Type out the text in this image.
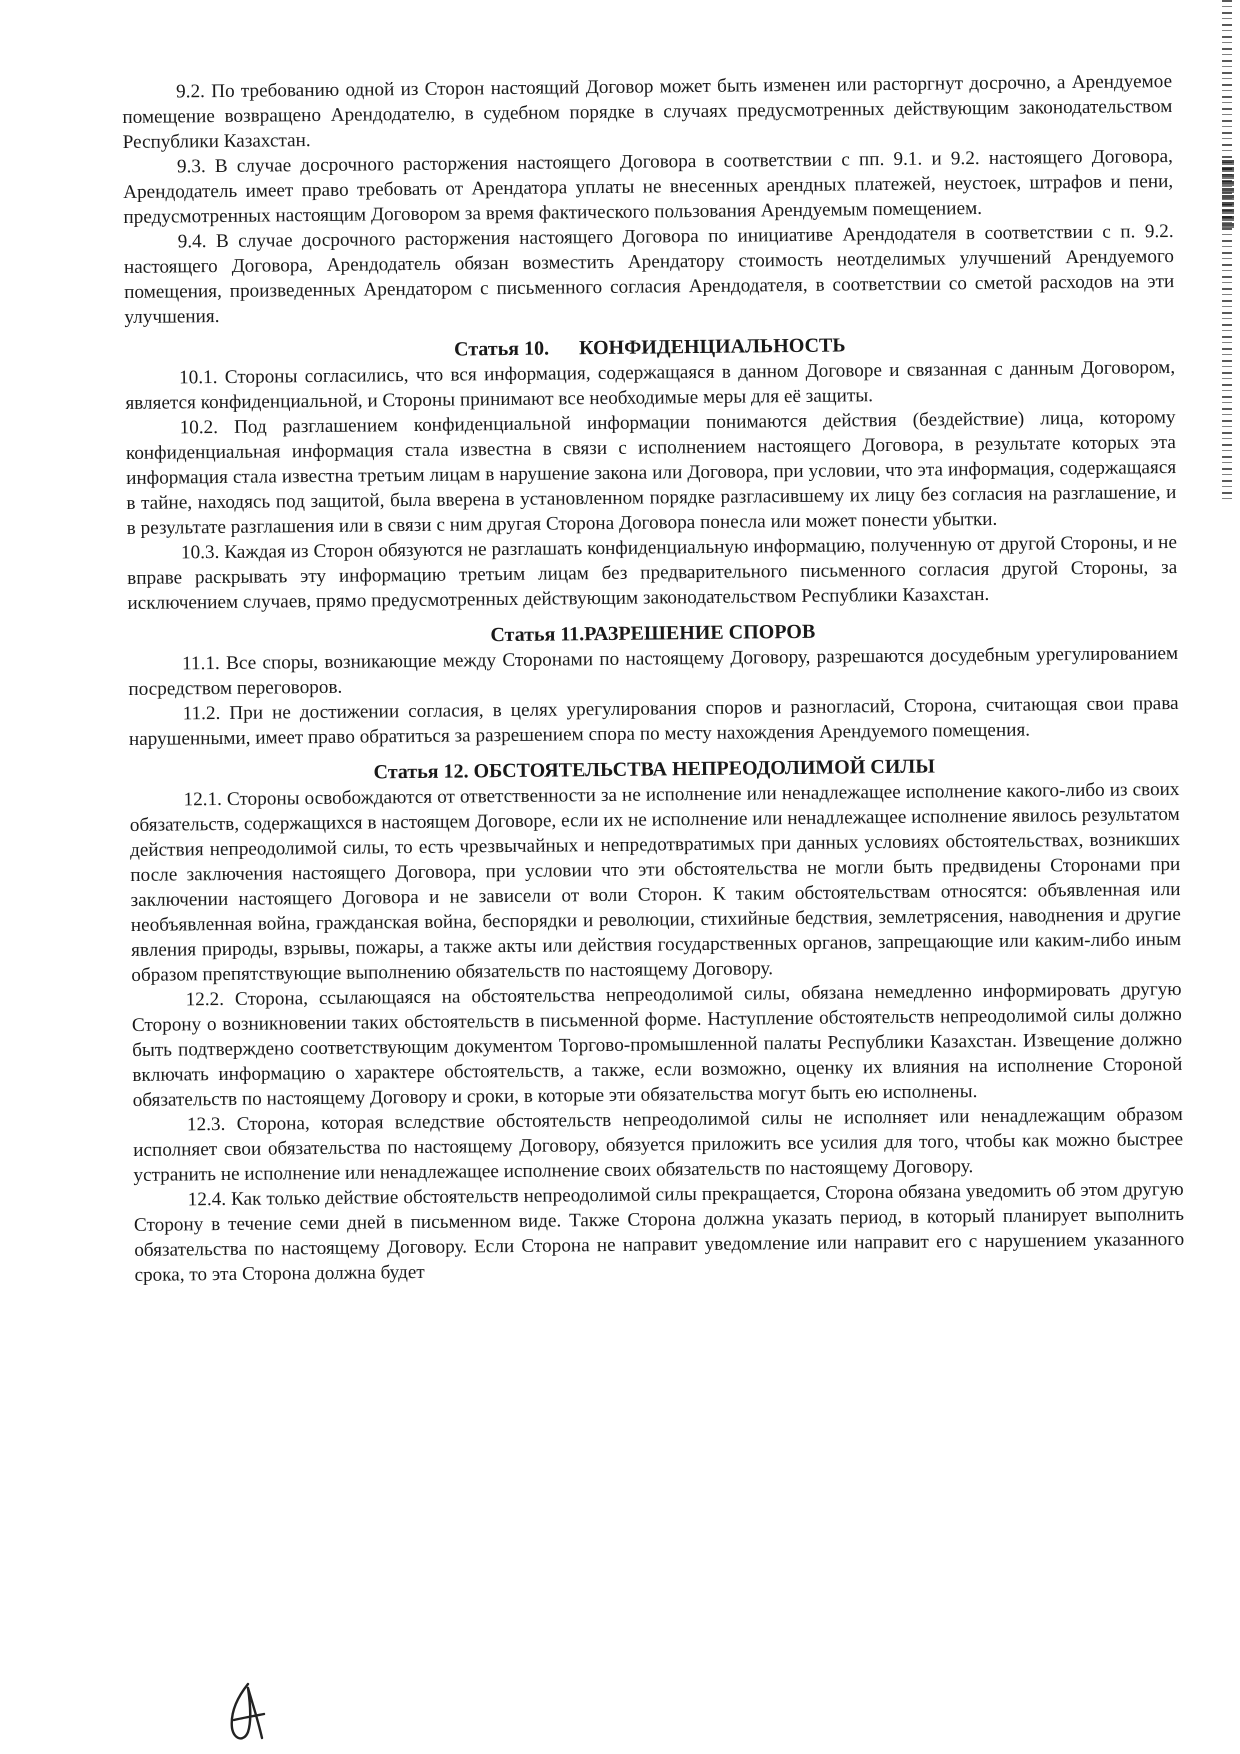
9.2. По требованию одной из Сторон настоящий Договор может быть изменен или расторгнут досрочно, а Арендуемое помещение возвращено Арендодателю, в судебном порядке в случаях предусмотренных действующим законодательством Республики Казахстан.

9.3. В случае досрочного расторжения настоящего Договора в соответствии с пп. 9.1. и 9.2. настоящего Договора, Арендодатель имеет право требовать от Арендатора уплаты не внесенных арендных платежей, неустоек, штрафов и пени, предусмотренных настоящим Договором за время фактического пользования Арендуемым помещением.

9.4. В случае досрочного расторжения настоящего Договора по инициативе Арендодателя в соответствии с п. 9.2. настоящего Договора, Арендодатель обязан возместить Арендатору стоимость неотделимых улучшений Арендуемого помещения, произведенных Арендатором с письменного согласия Арендодателя, в соответствии со сметой расходов на эти улучшения.

Статья 10. КОНФИДЕНЦИАЛЬНОСТЬ

10.1. Стороны согласились, что вся информация, содержащаяся в данном Договоре и связанная с данным Договором, является конфиденциальной, и Стороны принимают все необходимые меры для её защиты.

10.2. Под разглашением конфиденциальной информации понимаются действия (бездействие) лица, которому конфиденциальная информация стала известна в связи с исполнением настоящего Договора, в результате которых эта информация стала известна третьим лицам в нарушение закона или Договора, при условии, что эта информация, содержащаяся в тайне, находясь под защитой, была вверена в установленном порядке разгласившему их лицу без согласия на разглашение, и в результате разглашения или в связи с ним другая Сторона Договора понесла или может понести убытки.

10.3. Каждая из Сторон обязуются не разглашать конфиденциальную информацию, полученную от другой Стороны, и не вправе раскрывать эту информацию третьим лицам без предварительного письменного согласия другой Стороны, за исключением случаев, прямо предусмотренных действующим законодательством Республики Казахстан.

Статья 11.РАЗРЕШЕНИЕ СПОРОВ

11.1. Все споры, возникающие между Сторонами по настоящему Договору, разрешаются досудебным урегулированием посредством переговоров.

11.2. При не достижении согласия, в целях урегулирования споров и разногласий, Сторона, считающая свои права нарушенными, имеет право обратиться за разрешением спора по месту нахождения Арендуемого помещения.

Статья 12. ОБСТОЯТЕЛЬСТВА НЕПРЕОДОЛИМОЙ СИЛЫ

12.1. Стороны освобождаются от ответственности за не исполнение или ненадлежащее исполнение какого-либо из своих обязательств, содержащихся в настоящем Договоре, если их не исполнение или ненадлежащее исполнение явилось результатом действия непреодолимой силы, то есть чрезвычайных и непредотвратимых при данных условиях обстоятельствах, возникших после заключения настоящего Договора, при условии что эти обстоятельства не могли быть предвидены Сторонами при заключении настоящего Договора и не зависели от воли Сторон. К таким обстоятельствам относятся: объявленная или необъявленная война, гражданская война, беспорядки и революции, стихийные бедствия, землетрясения, наводнения и другие явления природы, взрывы, пожары, а также акты или действия государственных органов, запрещающие или каким-либо иным образом препятствующие выполнению обязательств по настоящему Договору.

12.2. Сторона, ссылающаяся на обстоятельства непреодолимой силы, обязана немедленно информировать другую Сторону о возникновении таких обстоятельств в письменной форме. Наступление обстоятельств непреодолимой силы должно быть подтверждено соответствующим документом Торгово-промышленной палаты Республики Казахстан. Извещение должно включать информацию о характере обстоятельств, а также, если возможно, оценку их влияния на исполнение Стороной обязательств по настоящему Договору и сроки, в которые эти обязательства могут быть ею исполнены.

12.3. Сторона, которая вследствие обстоятельств непреодолимой силы не исполняет или ненадлежащим образом исполняет свои обязательства по настоящему Договору, обязуется приложить все усилия для того, чтобы как можно быстрее устранить не исполнение или ненадлежащее исполнение своих обязательств по настоящему Договору.

12.4. Как только действие обстоятельств непреодолимой силы прекращается, Сторона обязана уведомить об этом другую Сторону в течение семи дней в письменном виде. Также Сторона должна указать период, в который планирует выполнить обязательства по настоящему Договору. Если Сторона не направит уведомление или направит его с нарушением указанного срока, то эта Сторона должна будет
